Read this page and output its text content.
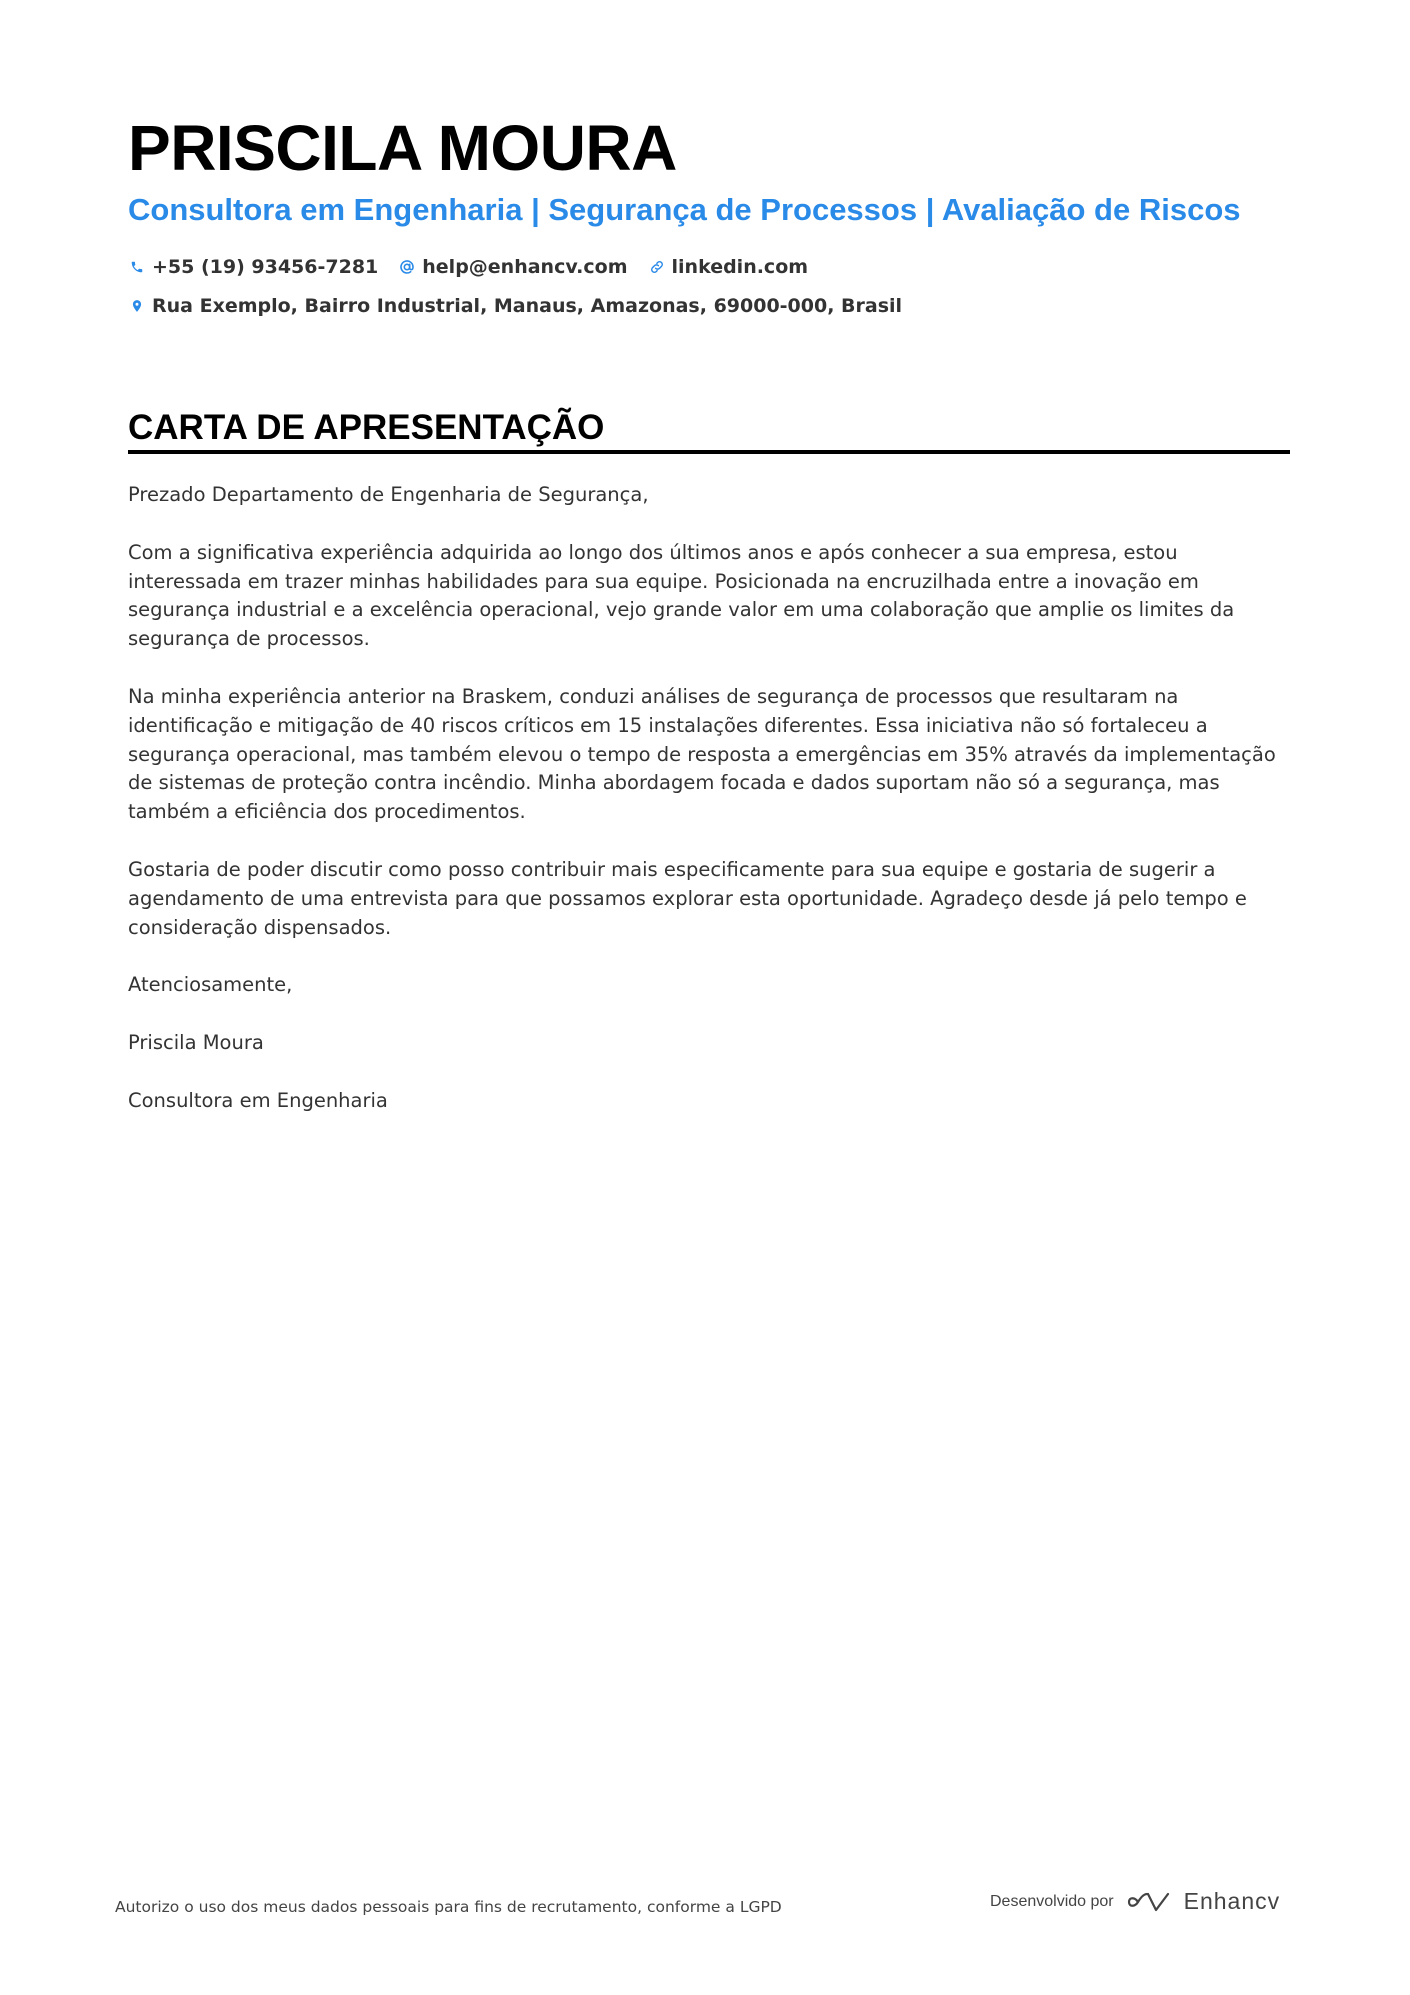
PRISCILA MOURA
Consultora em Engenharia | Segurança de Processos | Avaliação de Riscos
+55 (19) 93456-7281 help@enhancv.com linkedin.com
Rua Exemplo, Bairro Industrial, Manaus, Amazonas, 69000-000, Brasil
CARTA DE APRESENTAÇÃO

Prezado Departamento de Engenharia de Segurança,

Com a significativa experiência adquirida ao longo dos últimos anos e após conhecer a sua empresa, estou interessada em trazer minhas habilidades para sua equipe. Posicionada na encruzilhada entre a inovação em segurança industrial e a excelência operacional, vejo grande valor em uma colaboração que amplie os limites da segurança de processos.

Na minha experiência anterior na Braskem, conduzi análises de segurança de processos que resultaram na identificação e mitigação de 40 riscos críticos em 15 instalações diferentes. Essa iniciativa não só fortaleceu a segurança operacional, mas também elevou o tempo de resposta a emergências em 35% através da implementação de sistemas de proteção contra incêndio. Minha abordagem focada e dados suportam não só a segurança, mas também a eficiência dos procedimentos.

Gostaria de poder discutir como posso contribuir mais especificamente para sua equipe e gostaria de sugerir a agendamento de uma entrevista para que possamos explorar esta oportunidade. Agradeço desde já pelo tempo e consideração dispensados.

Atenciosamente,

Priscila Moura

Consultora em Engenharia

Autorizo o uso dos meus dados pessoais para fins de recrutamento, conforme a LGPD	Desenvolvido por	Enhancv
